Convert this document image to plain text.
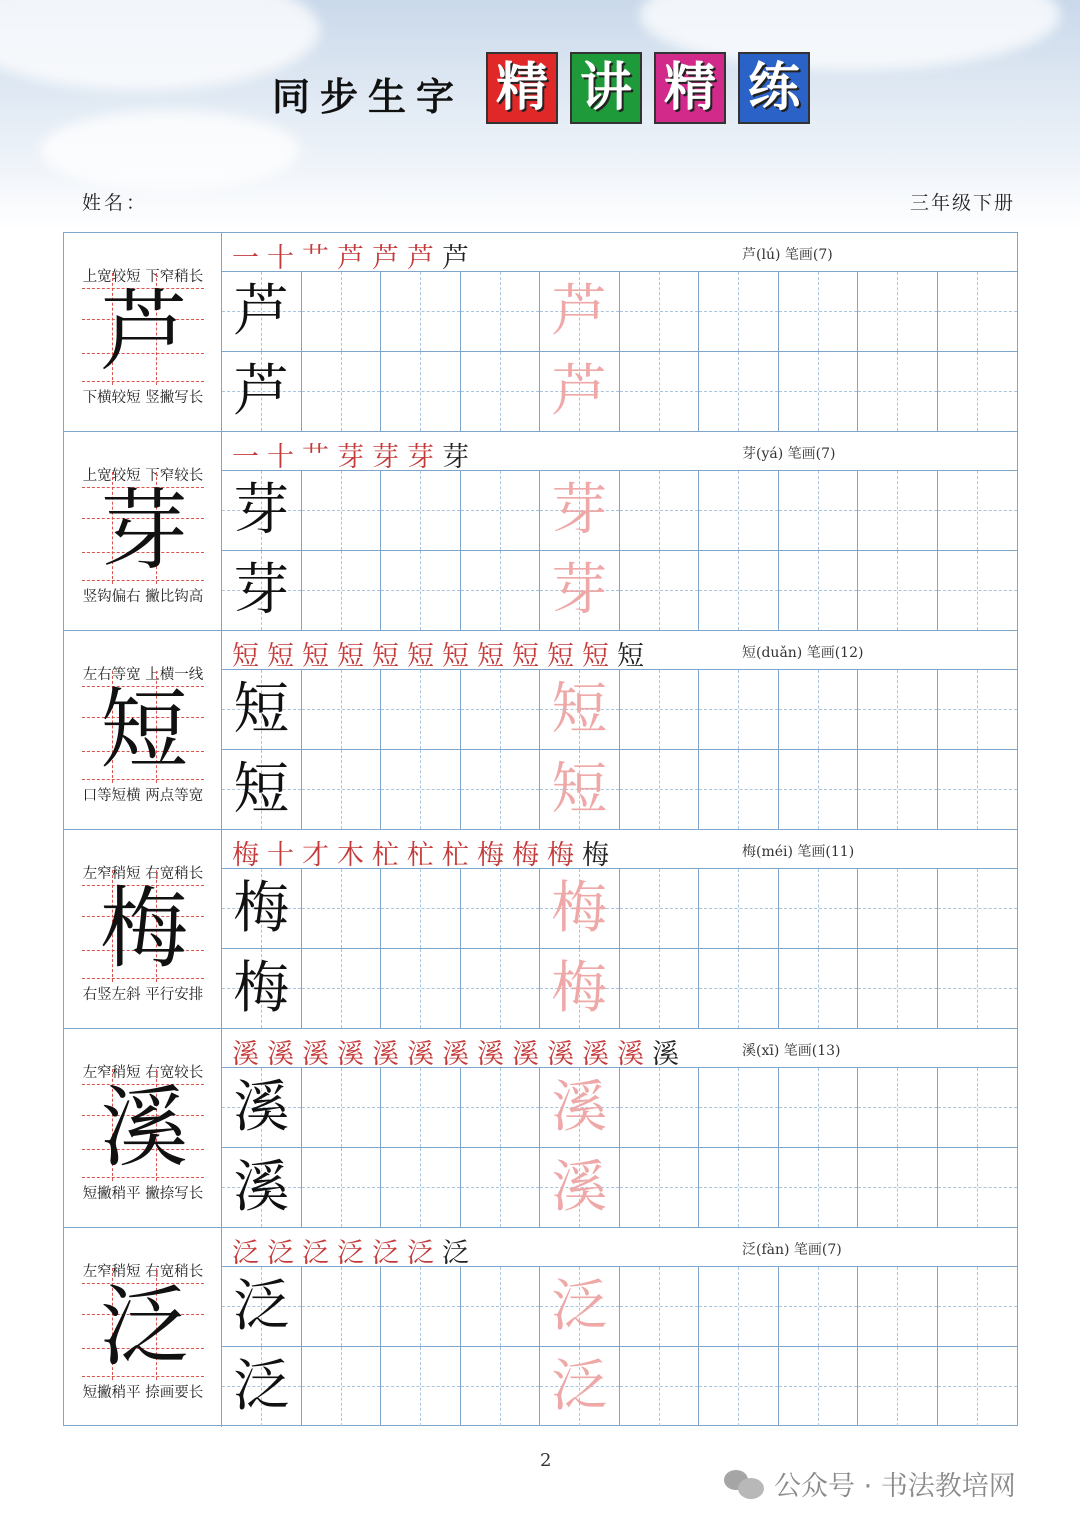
同步生字 精 讲 精 练
姓名：	三年级下册
上宽较短 下窄稍长
芦
下横较短 竖撇写长
一十艹芦芦芦芦	芦(lú) 笔画(7)
芦	芦
芦	芦
上宽较短 下窄较长
芽
竖钩偏右 撇比钩高
一十艹芽芽芽芽	芽(yá) 笔画(7)
芽	芽
芽	芽
左右等宽 上横一线
短
口等短横 两点等宽
短短短短短短短短短短短短	短(duǎn) 笔画(12)
短	短
短	短
左窄稍短 右宽稍长
梅
右竖左斜 平行安排
梅十才木杧杧杧梅梅梅梅	梅(méi) 笔画(11)
梅	梅
梅	梅
左窄稍短 右宽较长
溪
短撇稍平 撇捺写长
溪溪溪溪溪溪溪溪溪溪溪溪溪	溪(xī) 笔画(13)
溪	溪
溪	溪
左窄稍短 右宽稍长
泛
短撇稍平 捺画要长
泛泛泛泛泛泛泛	泛(fàn) 笔画(7)
泛	泛
泛	泛
2
公众号 · 书法教培网
